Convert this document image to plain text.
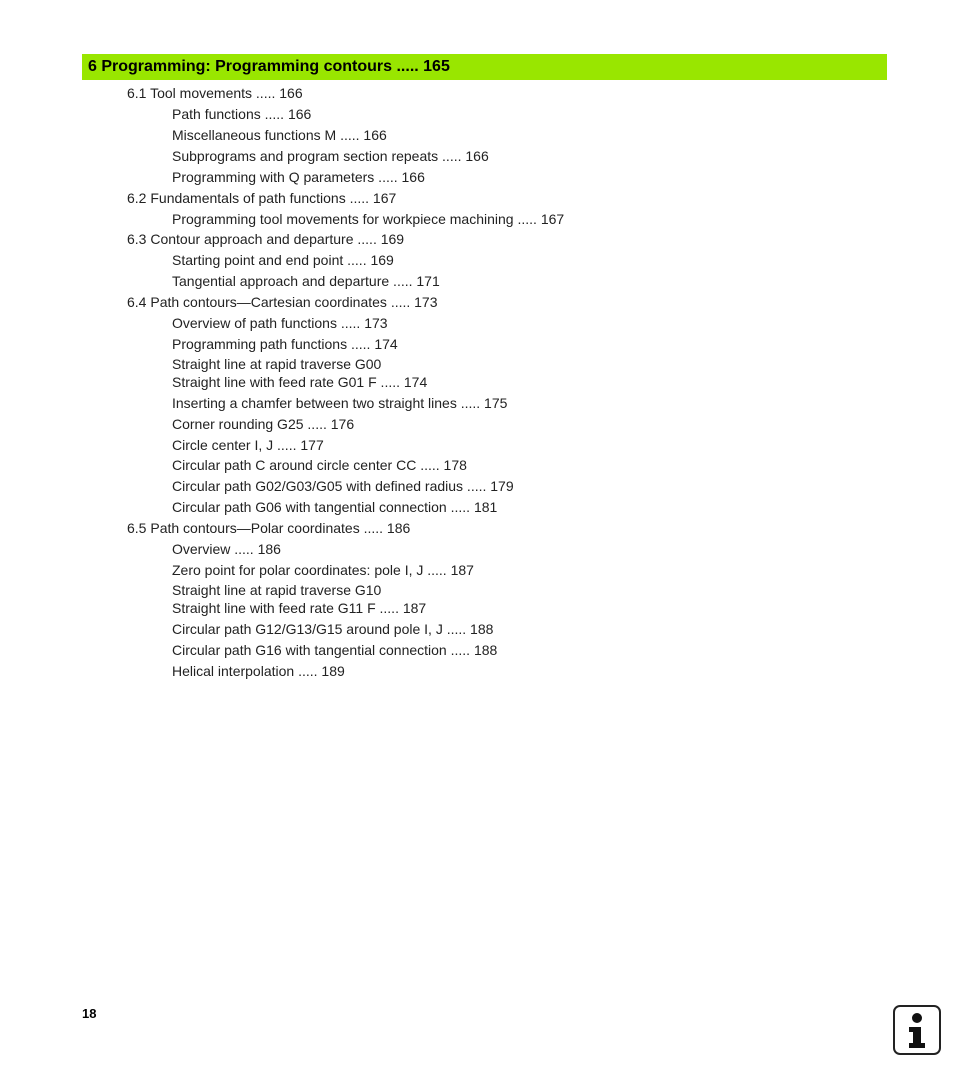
6 Programming: Programming contours ..... 165
6.1 Tool movements ..... 166
Path functions ..... 166
Miscellaneous functions M ..... 166
Subprograms and program section repeats ..... 166
Programming with Q parameters ..... 166
6.2 Fundamentals of path functions ..... 167
Programming tool movements for workpiece machining ..... 167
6.3 Contour approach and departure ..... 169
Starting point and end point ..... 169
Tangential approach and departure ..... 171
6.4 Path contours—Cartesian coordinates ..... 173
Overview of path functions ..... 173
Programming path functions ..... 174
Straight line at rapid traverse G00
Straight line with feed rate G01 F ..... 174
Inserting a chamfer between two straight lines ..... 175
Corner rounding G25 ..... 176
Circle center I, J ..... 177
Circular path C around circle center CC ..... 178
Circular path G02/G03/G05 with defined radius ..... 179
Circular path G06 with tangential connection ..... 181
6.5 Path contours—Polar coordinates ..... 186
Overview ..... 186
Zero point for polar coordinates: pole I, J ..... 187
Straight line at rapid traverse G10
Straight line with feed rate G11 F ..... 187
Circular path G12/G13/G15 around pole I, J ..... 188
Circular path G16 with tangential connection ..... 188
Helical interpolation ..... 189
18
